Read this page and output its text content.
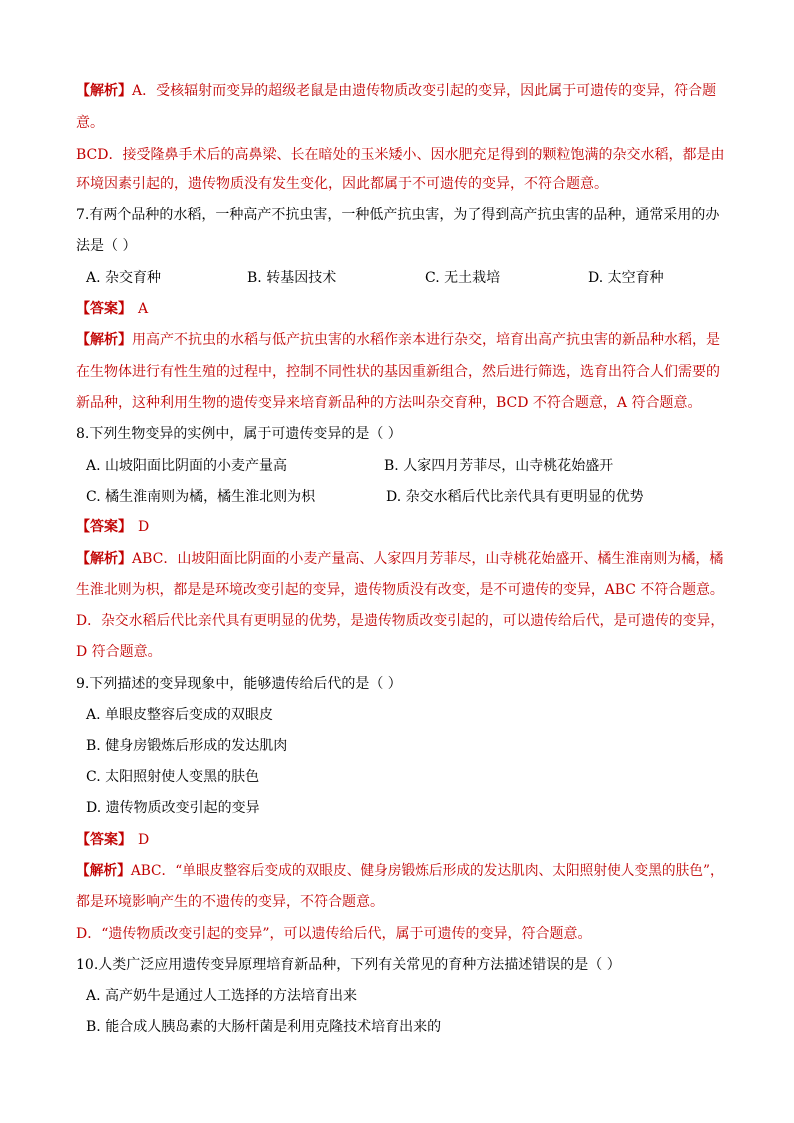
【解析】A．受核辐射而变异的超级老鼠是由遗传物质改变引起的变异，因此属于可遗传的变异，符合题
意。
BCD．接受隆鼻手术后的高鼻梁、长在暗处的玉米矮小、因水肥充足得到的颗粒饱满的杂交水稻，都是由
环境因素引起的，遗传物质没有发生变化，因此都属于不可遗传的变异，不符合题意。
7.有两个品种的水稻，一种高产不抗虫害，一种低产抗虫害，为了得到高产抗虫害的品种，通常采用的办
法是（ ）
A. 杂交育种	B. 转基因技术	C. 无土栽培	D. 太空育种
【答案】 A
【解析】用高产不抗虫的水稻与低产抗虫害的水稻作亲本进行杂交，培育出高产抗虫害的新品种水稻，是
在生物体进行有性生殖的过程中，控制不同性状的基因重新组合，然后进行筛选，选育出符合人们需要的
新品种，这种利用生物的遗传变异来培育新品种的方法叫杂交育种，BCD 不符合题意，A 符合题意。
8.下列生物变异的实例中，属于可遗传变异的是（ ）
A. 山坡阳面比阴面的小麦产量高	B. 人家四月芳菲尽，山寺桃花始盛开
C. 橘生淮南则为橘，橘生淮北则为枳	D. 杂交水稻后代比亲代具有更明显的优势
【答案】 D
【解析】ABC．山坡阳面比阴面的小麦产量高、人家四月芳菲尽，山寺桃花始盛开、橘生淮南则为橘，橘
生淮北则为枳，都是是环境改变引起的变异，遗传物质没有改变，是不可遗传的变异，ABC 不符合题意。
D．杂交水稻后代比亲代具有更明显的优势，是遗传物质改变引起的，可以遗传给后代，是可遗传的变异，
D 符合题意。
9.下列描述的变异现象中，能够遗传给后代的是（ ）
A. 单眼皮整容后变成的双眼皮
B. 健身房锻炼后形成的发达肌肉
C. 太阳照射使人变黑的肤色
D. 遗传物质改变引起的变异
【答案】 D
【解析】ABC．“单眼皮整容后变成的双眼皮、健身房锻炼后形成的发达肌肉、太阳照射使人变黑的肤色”，
都是环境影响产生的不遗传的变异，不符合题意。
D．“遗传物质改变引起的变异”，可以遗传给后代，属于可遗传的变异，符合题意。
10.人类广泛应用遗传变异原理培育新品种，下列有关常见的育种方法描述错误的是（ ）
A. 高产奶牛是通过人工选择的方法培育出来
B. 能合成人胰岛素的大肠杆菌是利用克隆技术培育出来的
